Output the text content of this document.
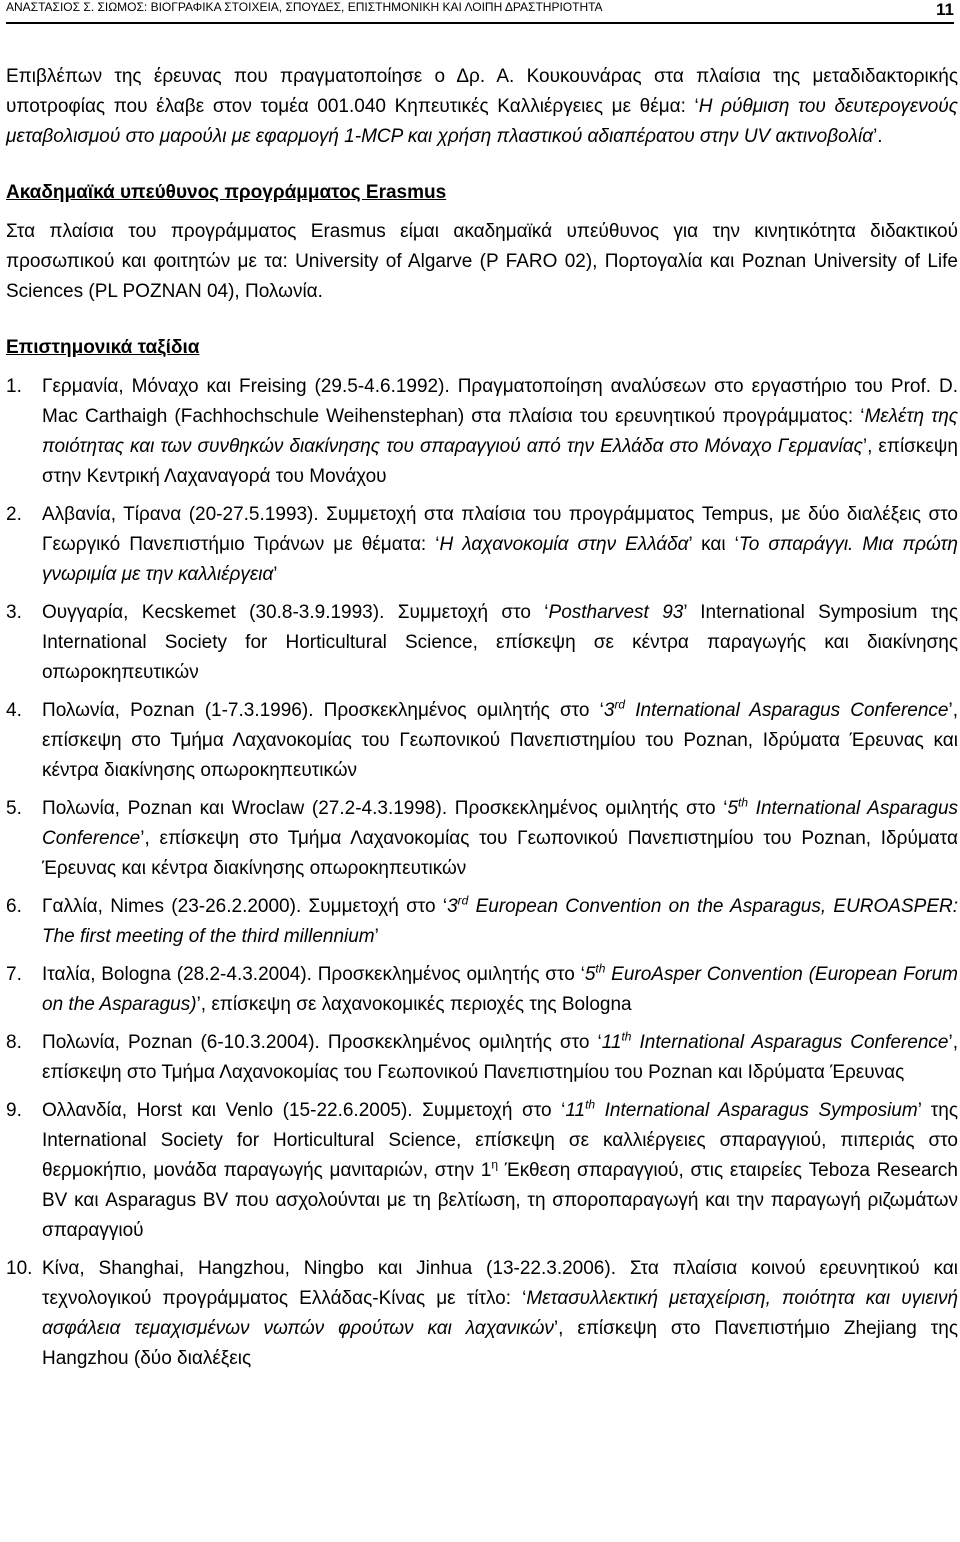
ΑΝΑΣΤΑΣΙΟΣ Σ. ΣΙΩΜΟΣ: ΒΙΟΓΡΑΦΙΚΑ ΣΤΟΙΧΕΙΑ, ΣΠΟΥΔΕΣ, ΕΠΙΣΤΗΜΟΝΙΚΗ ΚΑΙ ΛΟΙΠΗ ΔΡΑΣΤΗΡΙΟΤΗΤΑ	11

Επιβλέπων της έρευνας που πραγματοποίησε ο Δρ. Α. Κουκουνάρας στα πλαίσια της μεταδιδακτορικής υποτροφίας που έλαβε στον τομέα 001.040 Κηπευτικές Καλλιέργειες με θέμα: ‘Η ρύθμιση του δευτερογενούς μεταβολισμού στο μαρούλι με εφαρμογή 1-MCP και χρήση πλαστικού αδιαπέρατου στην UV ακτινοβολία’.

Ακαδημαϊκά υπεύθυνος προγράμματος Erasmus

Στα πλαίσια του προγράμματος Erasmus είμαι ακαδημαϊκά υπεύθυνος για την κινητικότητα διδακτικού προσωπικού και φοιτητών με τα: University of Algarve (P FARO 02), Πορτογαλία και Poznan University of Life Sciences (PL POZNAN 04), Πολωνία.

Επιστημονικά ταξίδια

1. Γερμανία, Μόναχο και Freising (29.5-4.6.1992). Πραγματοποίηση αναλύσεων στο εργαστήριο του Prof. D. Mac Carthaigh (Fachhochschule Weihenstephan) στα πλαίσια του ερευνητικού προγράμματος: ‘Μελέτη της ποιότητας και των συνθηκών διακίνησης του σπαραγγιού από την Ελλάδα στο Μόναχο Γερμανίας’, επίσκεψη στην Κεντρική Λαχαναγορά του Μονάχου
2. Αλβανία, Τίρανα (20-27.5.1993). Συμμετοχή στα πλαίσια του προγράμματος Tempus, με δύο διαλέξεις στο Γεωργικό Πανεπιστήμιο Τιράνων με θέματα: ‘Η λαχανοκομία στην Ελλάδα’ και ‘Το σπαράγγι. Μια πρώτη γνωριμία με την καλλιέργεια’
3. Ουγγαρία, Kecskemet (30.8-3.9.1993). Συμμετοχή στο ‘Postharvest 93’ International Symposium της International Society for Horticultural Science, επίσκεψη σε κέντρα παραγωγής και διακίνησης οπωροκηπευτικών
4. Πολωνία, Poznan (1-7.3.1996). Προσκεκλημένος ομιλητής στο ‘3rd International Asparagus Conference’, επίσκεψη στο Τμήμα Λαχανοκομίας του Γεωπονικού Πανεπιστημίου του Poznan, Ιδρύματα Έρευνας και κέντρα διακίνησης οπωροκηπευτικών
5. Πολωνία, Poznan και Wroclaw (27.2-4.3.1998). Προσκεκλημένος ομιλητής στο ‘5th International Asparagus Conference’, επίσκεψη στο Τμήμα Λαχανοκομίας του Γεωπονικού Πανεπιστημίου του Poznan, Ιδρύματα Έρευνας και κέντρα διακίνησης οπωροκηπευτικών
6. Γαλλία, Nimes (23-26.2.2000). Συμμετοχή στο ‘3rd European Convention on the Asparagus, EUROASPER: The first meeting of the third millennium’
7. Ιταλία, Bologna (28.2-4.3.2004). Προσκεκλημένος ομιλητής στο ‘5th EuroAsper Convention (European Forum on the Asparagus)’, επίσκεψη σε λαχανοκομικές περιοχές της Bologna
8. Πολωνία, Poznan (6-10.3.2004). Προσκεκλημένος ομιλητής στο ‘11th International Asparagus Conference’, επίσκεψη στο Τμήμα Λαχανοκομίας του Γεωπονικού Πανεπιστημίου του Poznan και Ιδρύματα Έρευνας
9. Ολλανδία, Horst και Venlo (15-22.6.2005). Συμμετοχή στο ‘11th International Asparagus Symposium’ της International Society for Horticultural Science, επίσκεψη σε καλλιέργειες σπαραγγιού, πιπεριάς στο θερμοκήπιο, μονάδα παραγωγής μανιταριών, στην $1^\eta$ Έκθεση σπαραγγιού, στις εταιρείες Teboza Research BV και Asparagus BV που ασχολούνται με τη βελτίωση, τη σποροπαραγωγή και την παραγωγή ριζωμάτων σπαραγγιού
10. Κίνα, Shanghai, Hangzhou, Ningbo και Jinhua (13-22.3.2006). Στα πλαίσια κοινού ερευνητικού και τεχνολογικού προγράμματος Ελλάδας-Κίνας με τίτλο: ‘Μετασυλλεκτική μεταχείριση, ποιότητα και υγιεινή ασφάλεια τεμαχισμένων νωπών φρούτων και λαχανικών’, επίσκεψη στο Πανεπιστήμιο Zhejiang της Hangzhou (δύο διαλέξεις
